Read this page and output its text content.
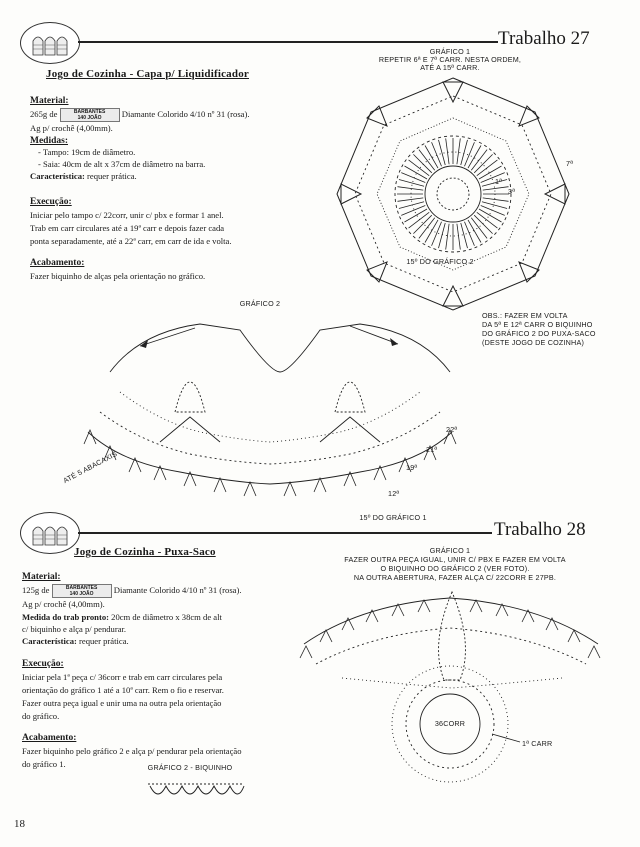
Trabalho 27
Jogo de Cozinha - Capa p/ Liquidificador
Material:
265g de	BARBANTES
140 JOÃO Diamante Colorido 4/10 nº 31 (rosa).
Ag p/ crochê (4,00mm).
Medidas:
- Tampo: 19cm de diâmetro.
- Saia: 40cm de alt x 37cm de diâmetro na barra.
Característica: requer prática.
Execução:
Iniciar pelo tampo c/ 22corr, unir c/ pbx e formar 1 anel.
Trab em carr circulares até a 19ª carr e depois fazer cada
ponta separadamente, até a 22ª carr, em carr de ida e volta.
Acabamento:
Fazer biquinho de alças pela orientação no gráfico.
GRÁFICO 1
REPETIR 6ª E 7ª CARR. NESTA ORDEM,
ATÉ A 15ª CARR.
7ª
3ª
1ª
15º DO GRÁFICO 2
OBS.: FAZER EM VOLTA
DA 5ª E 12ª CARR O BIQUINHO
DO GRÁFICO 2 DO PUXA-SACO
(DESTE JOGO DE COZINHA)
GRÁFICO 2
22ª
21ª
19ª
12ª
ATÉ 5 ABACAXIS
15º DO GRÁFICO 1
Trabalho 28
Jogo de Cozinha - Puxa-Saco
Material:
125g de	BARBANTES
140 JOÃO Diamante Colorido 4/10 nº 31 (rosa).
Ag p/ crochê (4,00mm).
Medida do trab pronto: 20cm de diâmetro x 38cm de alt
c/ biquinho e alça p/ pendurar.
Característica: requer prática.
Execução:
Iniciar pela 1ª peça c/ 36corr e trab em carr circulares pela
orientação do gráfico 1 até a 10ª carr. Rem o fio e reservar.
Fazer outra peça igual e unir uma na outra pela orientação
do gráfico.
Acabamento:
Fazer biquinho pelo gráfico 2 e alça p/ pendurar pela orientação
do gráfico 1.	GRÁFICO 2 - BIQUINHO
GRÁFICO 1
FAZER OUTRA PEÇA IGUAL, UNIR C/ PBX E FAZER EM VOLTA
O BIQUINHO DO GRÁFICO 2 (VER FOTO).
NA OUTRA ABERTURA, FAZER ALÇA C/ 22CORR E 27PB.
36CORR
1ª CARR
18
